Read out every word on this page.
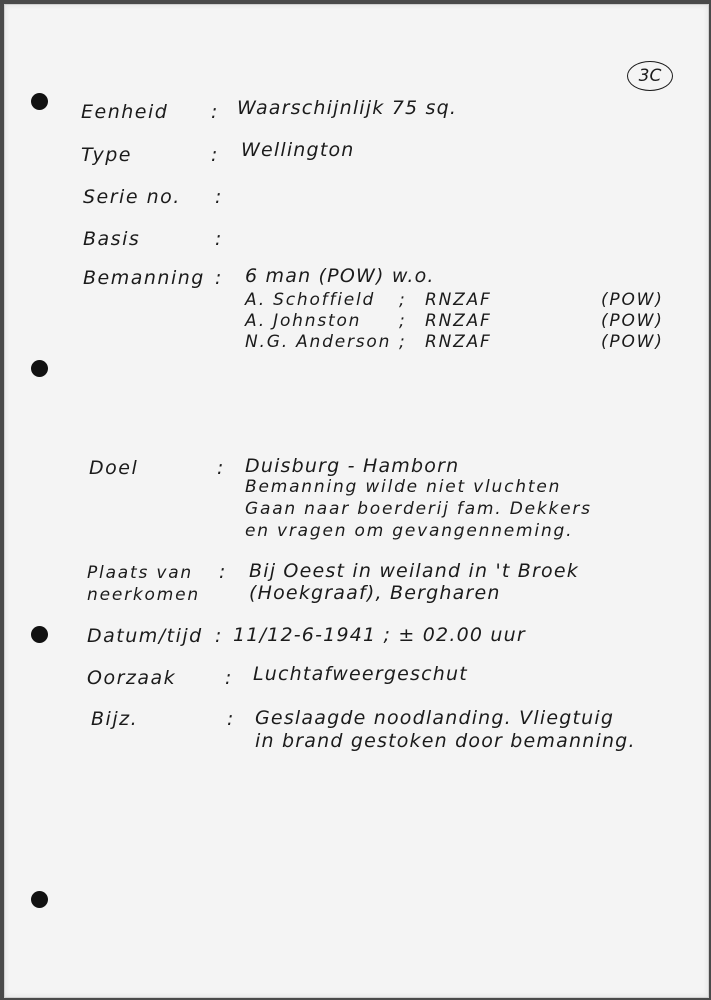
3C
Eenheid : Waarschijnlijk 75 sq.
Type	: Wellington
Serie no. :
Basis	:
Bemanning : 6 man (POW) w.o.
A. Schoffield ; RNZAF	(POW)
A. Johnston ; RNZAF	(POW)
N.G. Anderson ; RNZAF	(POW)
Doel	: Duisburg - Hamborn
Bemanning wilde niet vluchten
Gaan naar boerderij fam. Dekkers
en vragen om gevangenneming.
Plaats van
neerkomen
: Bij Oeest in weiland in 't Broek
(Hoekgraaf), Bergharen
Datum/tijd : 11/12-6-1941 ; ± 02.00 uur
Oorzaak	: Luchtafweergeschut
Bijz.	: Geslaagde noodlanding. Vliegtuig
in brand gestoken door bemanning.
